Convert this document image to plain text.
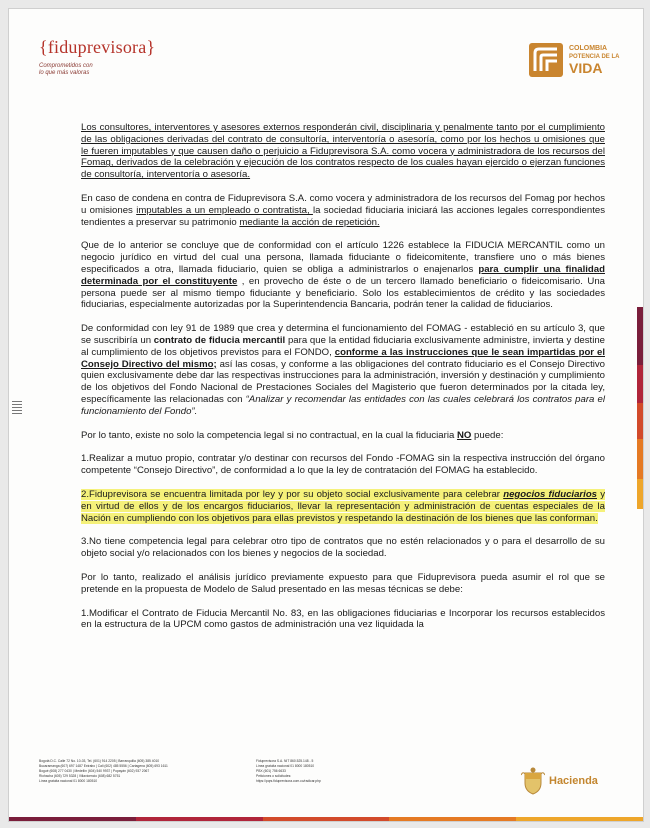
{fiduprevisora}
Comprometidos con
lo que más valoras
COLOMBIA
POTENCIA DE LA
VIDA

Los consultores, interventores y asesores externos responderán civil, disciplinaria y penalmente tanto por el cumplimiento de las obligaciones derivadas del contrato de consultoría, interventoría o asesoría, como por los hechos u omisiones que le fueren imputables y que causen daño o perjuicio a Fiduprevisora S.A. como vocera y administradora de los recursos del Fomag, derivados de la celebración y ejecución de los contratos respecto de los cuales hayan ejercido o ejerzan funciones de consultoría, interventoría o asesoría.

En caso de condena en contra de Fiduprevisora S.A. como vocera y administradora de los recursos del Fomag por hechos u omisiones imputables a un empleado o contratista, la sociedad fiduciaria iniciará las acciones legales correspondientes tendientes a preservar su patrimonio mediante la acción de repetición.

Que de lo anterior se concluye que de conformidad con el artículo 1226 establece la FIDUCIA MERCANTIL como un negocio jurídico en virtud del cual una persona, llamada fiduciante o fideicomitente, transfiere uno o más bienes especificados a otra, llamada fiduciario, quien se obliga a administrarlos o enajenarlos para cumplir una finalidad determinada por el constituyente , en provecho de éste o de un tercero llamado beneficiario o fideicomisario. Una persona puede ser al mismo tiempo fiduciante y beneficiario. Solo los establecimientos de crédito y las sociedades fiduciarias, especialmente autorizadas por la Superintendencia Bancaria, podrán tener la calidad de fiduciarios.

De conformidad con ley 91 de 1989 que crea y determina el funcionamiento del FOMAG - estableció en su artículo 3, que se suscribiría un contrato de fiducia mercantil para que la entidad fiduciaria exclusivamente administre, invierta y destine al cumplimiento de los objetivos previstos para el FONDO, conforme a las instrucciones que le sean impartidas por el Consejo Directivo del mismo; así las cosas, y conforme a las obligaciones del contrato fiduciario es el Consejo Directivo quien exclusivamente debe dar las respectivas instrucciones para la administración, inversión y destinación y cumplimiento de los objetivos del Fondo Nacional de Prestaciones Sociales del Magisterio que fueron determinados por la citada ley, específicamente las relacionadas con “Analizar y recomendar las entidades con las cuales celebrará los contratos para el funcionamiento del Fondo”.

Por lo tanto, existe no solo la competencia legal si no contractual, en la cual la fiduciaria NO puede:

1.Realizar a mutuo propio, contratar y/o destinar con recursos del Fondo -FOMAG sin la respectiva instrucción del órgano competente “Consejo Directivo”, de conformidad a lo que la ley de contratación del FOMAG ha establecido.

2.Fiduprevisora se encuentra limitada por ley y por su objeto social exclusivamente para celebrar negocios fiduciarios y en virtud de ellos y de los encargos fiduciarios, llevar la representación y administración de cuentas especiales de la Nación en cumpliendo con los objetivos para ellas previstos y respetando la destinación de los bienes que las conforman.

3.No tiene competencia legal para celebrar otro tipo de contratos que no estén relacionados y o para el desarrollo de su objeto social y/o relacionados con los bienes y negocios de la sociedad.

Por lo tanto, realizado el análisis jurídico previamente expuesto para que Fiduprevisora pueda asumir el rol que se pretende en la propuesta de Modelo de Salud presentado en las mesas técnicas se debe:

1.Modificar el Contrato de Fiducia Mercantil No. 83, en las obligaciones fiduciarias e Incorporar los recursos establecidos en la estructura de la UPCM como gastos de administración una vez liquidada la

Bogotá D.C. Calle 72 No. 10-03, Tel. (601) 914 2205 | Barranquilla (605) 385 4010
Bucaramanga (607) 697 1487 Extrabo | Cali (602) 485 5556 | Cartagena (605) 693 1611
Bogué (608) 277 0430 | Medellín (604) 540 9937 | Popayán (602) 937 2067
Riohacha (605) 729 5328 | Villavicencio (608) 682 5751
Línea gratuita nacional 01 8000 180510
Fiduprevisora S.A. NIT 860.525.148 - 5
Línea gratuita nacional 01 8000 180510
PBX (601) 756 6633
Peticiones o solicitudes:
https://pqrs.fiduprevisora.com.co/radicar.php	Hacienda
